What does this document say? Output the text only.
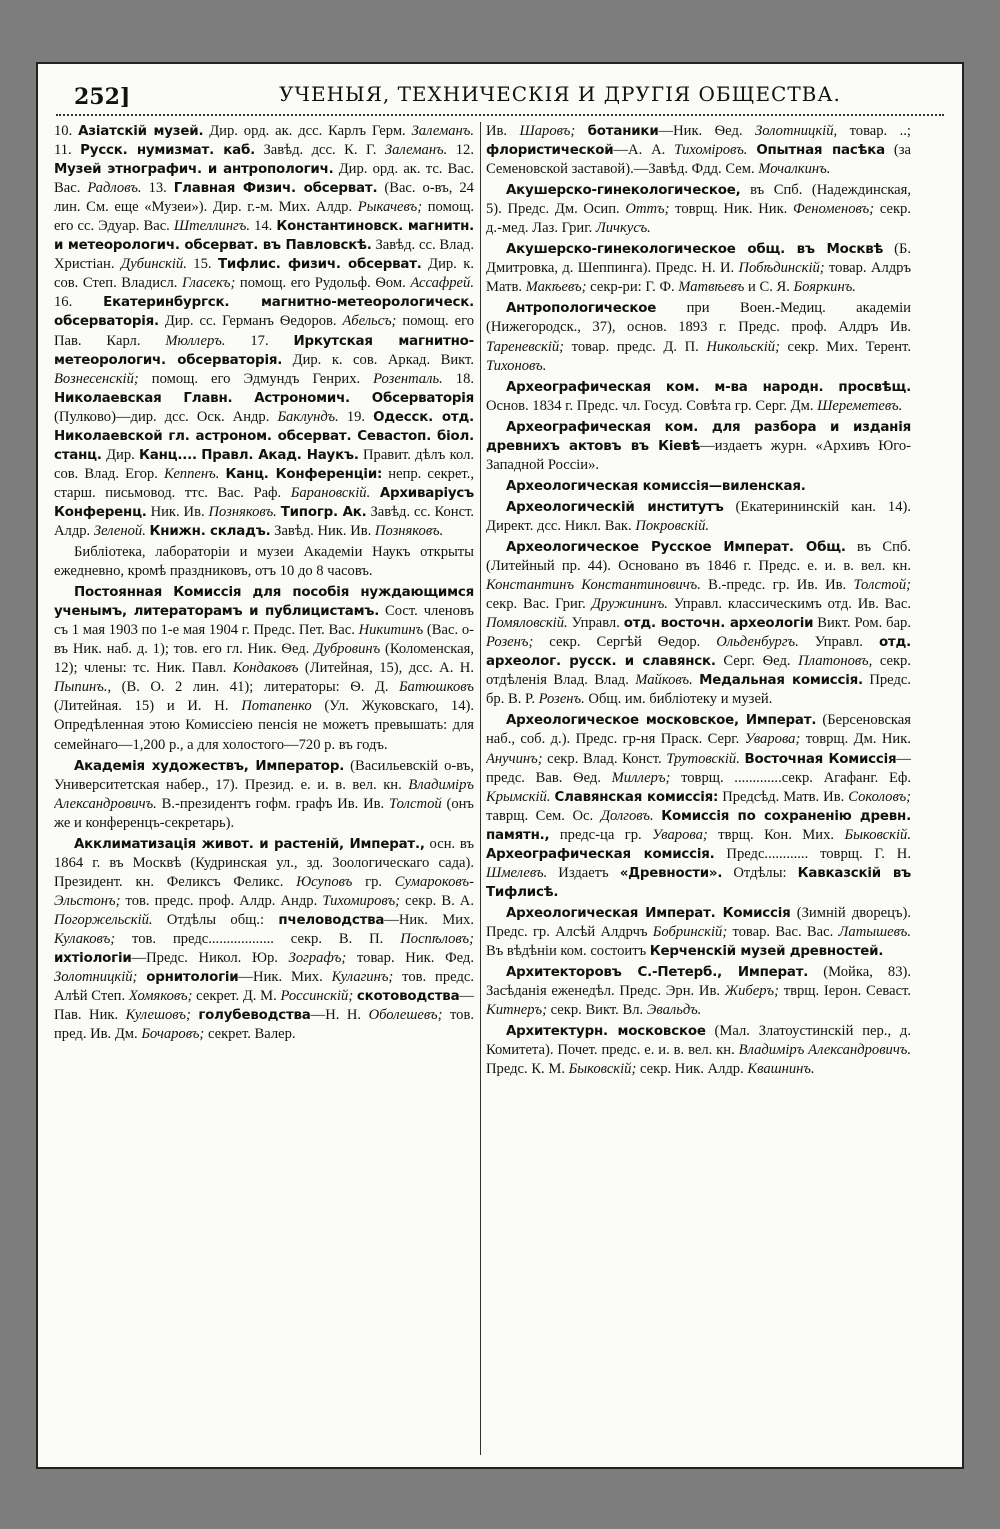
252]	УЧЕНЫЯ, ТЕХНИЧЕСКІЯ И ДРУГІЯ ОБЩЕСТВА.

10. Азіатскій музей. Дир. орд. ак. дсс. Карлъ Герм. Залеманъ. 11. Русск. нумизмат. каб. Завѣд. дсс. К. Г. Залеманъ. 12. Музей этнографич. и антропологич. Дир. орд. ак. тс. Вас. Вас. Радловъ. 13. Главная Физич. обсерват. (Вас. о-въ, 24 лин. См. еще «Музеи»). Дир. г.-м. Мих. Алдр. Рыкачевъ; помощ. его сс. Эдуар. Вас. Штеллингъ. 14. Константиновск. магнитн. и метеорологич. обсерват. въ Павловскѣ. Завѣд. сс. Влад. Христіан. Дубинскій. 15. Тифлис. физич. обсерват. Дир. к. сов. Степ. Владисл. Гласекъ; помощ. его Рудольф. Ѳом. Ассафрей. 16. Екатеринбургск. магнитно-метеорологическ. обсерваторія. Дир. сс. Германъ Ѳедоров. Абельсъ; помощ. его Пав. Карл. Мюллеръ. 17. Иркутская магнитно-метеорологич. обсерваторія. Дир. к. сов. Аркад. Викт. Вознесенскій; помощ. его Эдмундъ Генрих. Розенталь. 18. Николаевская Главн. Астрономич. Обсерваторія (Пулково)—дир. дсс. Оск. Андр. Баклундъ. 19. Одесск. отд. Николаевской гл. астроном. обсерват. Севастоп. біол. станц. Дир. Канц.... Правл. Акад. Наукъ. Правит. дѣлъ кол. сов. Влад. Егор. Кеппенъ. Канц. Конференціи: непр. секрет., старш. письмовод. ттс. Вас. Раф. Барановскій. Архиваріусъ Конференц. Ник. Ив. Позняковъ. Типогр. Ак. Завѣд. сс. Конст. Алдр. Зеленой. Книжн. складъ. Завѣд. Ник. Ив. Позняковъ.

Библіотека, лабораторіи и музеи Академіи Наукъ открыты ежедневно, кромѣ праздниковъ, отъ 10 до 8 часовъ.

Постоянная Комиссія для пособія нуждающимся ученымъ, литераторамъ и публицистамъ. Сост. членовъ съ 1 мая 1903 по 1-е мая 1904 г. Предс. Пет. Вас. Никитинъ (Вас. о-въ Ник. наб. д. 1); тов. его гл. Ник. Ѳед. Дубровинъ (Коломенская, 12); члены: тс. Ник. Павл. Кондаковъ (Литейная, 15), дсс. А. Н. Пыпинъ., (В. О. 2 лин. 41); литераторы: Ѳ. Д. Батюшковъ (Литейная. 15) и И. Н. Потапенко (Ул. Жуковскаго, 14). Опредѣленная этою Комиссіею пенсія не можетъ превышать: для семейнаго—1,200 р., а для холостого—720 р. въ годъ.

Академія художествъ, Император. (Васильевскій о-въ, Университетская набер., 17). Презид. е. и. в. вел. кн. Владиміръ Александровичъ. В.-президентъ гофм. графъ Ив. Ив. Толстой (онъ же и конференцъ-секретарь).

Акклиматизація живот. и растеній, Императ., осн. въ 1864 г. въ Москвѣ (Кудринская ул., зд. Зоологическаго сада). Президент. кн. Феликсъ Феликс. Юсуповъ гр. Сумароковъ-Эльстонъ; тов. предс. проф. Алдр. Андр. Тихомировъ; секр. В. А. Погоржельскій. Отдѣлы общ.: пчеловодства—Ник. Мих. Кулаковъ; тов. предс.................. секр. В. П. Поспѣловъ; ихтіологіи—Предс. Никол. Юр. Зографъ; товар. Ник. Фед. Золотницкій; орнитологіи—Ник. Мих. Кулагинъ; тов. предс. Алѣй Степ. Хомяковъ; секрет. Д. М. Россинскій; скотоводства—Пав. Ник. Кулешовъ; голубеводства—Н. Н. Оболешевъ; тов. пред. Ив. Дм. Бочаровъ; секрет. Валер.

Ив. Шаровъ; ботаники—Ник. Ѳед. Золотницкій, товар. ..; флористической—А. А. Тихоміровъ. Опытная пасѣка (за Семеновской заставой).—Завѣд. Фдд. Сем. Мочалкинъ.

Акушерско-гинекологическое, въ Спб. (Надеждинская, 5). Предс. Дм. Осип. Оттъ; товрщ. Ник. Ник. Феноменовъ; секр. д.-мед. Лаз. Григ. Личкусъ.

Акушерско-гинекологическое общ. въ Москвѣ (Б. Дмитровка, д. Шеппинга). Предс. Н. И. Побѣдинскій; товар. Алдръ Матв. Макѣевъ; секр-ри: Г. Ф. Матвѣевъ и С. Я. Бояркинъ.

Антропологическое при Воен.-Медиц. академіи (Нижегородск., 37), основ. 1893 г. Предс. проф. Алдръ Ив. Тареневскій; товар. предс. Д. П. Никольскій; секр. Мих. Терент. Тихоновъ.

Археографическая ком. м-ва народн. просвѣщ. Основ. 1834 г. Предс. чл. Госуд. Совѣта гр. Серг. Дм. Шереметевъ.

Археографическая ком. для разбора и изданія древнихъ актовъ въ Кіевѣ—издаетъ журн. «Архивъ Юго-Западной Россіи».

Археологическая комиссія—виленская.

Археологическій институтъ (Екатерининскій кан. 14). Директ. дсс. Никл. Вак. Покровскій.

Археологическое Русское Императ. Общ. въ Спб. (Литейный пр. 44). Основано въ 1846 г. Предс. е. и. в. вел. кн. Константинъ Константиновичъ. В.-предс. гр. Ив. Ив. Толстой; секр. Вас. Григ. Дружининъ. Управл. классическимъ отд. Ив. Вас. Помяловскій. Управл. отд. восточн. археологіи Викт. Ром. бар. Розенъ; секр. Сергѣй Ѳедор. Ольденбургъ. Управл. отд. археолог. русск. и славянск. Серг. Ѳед. Платоновъ, секр. отдѣленія Влад. Влад. Майковъ. Медальная комиссія. Предс. бр. В. Р. Розенъ. Общ. им. библіотеку и музей.

Археологическое московское, Императ. (Берсеновская наб., соб. д.). Предс. гр-ня Праск. Серг. Уварова; товрщ. Дм. Ник. Анучинъ; секр. Влад. Конст. Трутовскій. Восточная Комиссія—предс. Вав. Ѳед. Миллеръ; товрщ. .............секр. Агафанг. Еф. Крымскій. Славянская комиссія: Предсѣд. Матв. Ив. Соколовъ; таврщ. Сем. Ос. Долговъ. Комиссія по сохраненію древн. памятн., предс-ца гр. Уварова; тврщ. Кон. Мих. Быковскій. Археографическая комиссія. Предс............ товрщ. Г. Н. Шмелевъ. Издаетъ «Древности». Отдѣлы: Кавказскій въ Тифлисѣ.

Археологическая Императ. Комиссія (Зимній дворецъ). Предс. гр. Алсѣй Алдрчъ Бобринскій; товар. Вас. Вас. Латышевъ. Въ вѣдѣніи ком. состоитъ Керченскій музей древностей.

Архитекторовъ С.-Петерб., Императ. (Мойка, 83). Засѣданія еженедѣл. Предс. Эрн. Ив. Жиберъ; тврщ. Іерон. Севаст. Китнеръ; секр. Викт. Вл. Эвальдъ.

Архитектурн. московское (Мал. Златоустинскій пер., д. Комитета). Почет. предс. е. и. в. вел. кн. Владиміръ Александровичъ. Предс. К. М. Быковскій; секр. Ник. Алдр. Квашнинъ.
